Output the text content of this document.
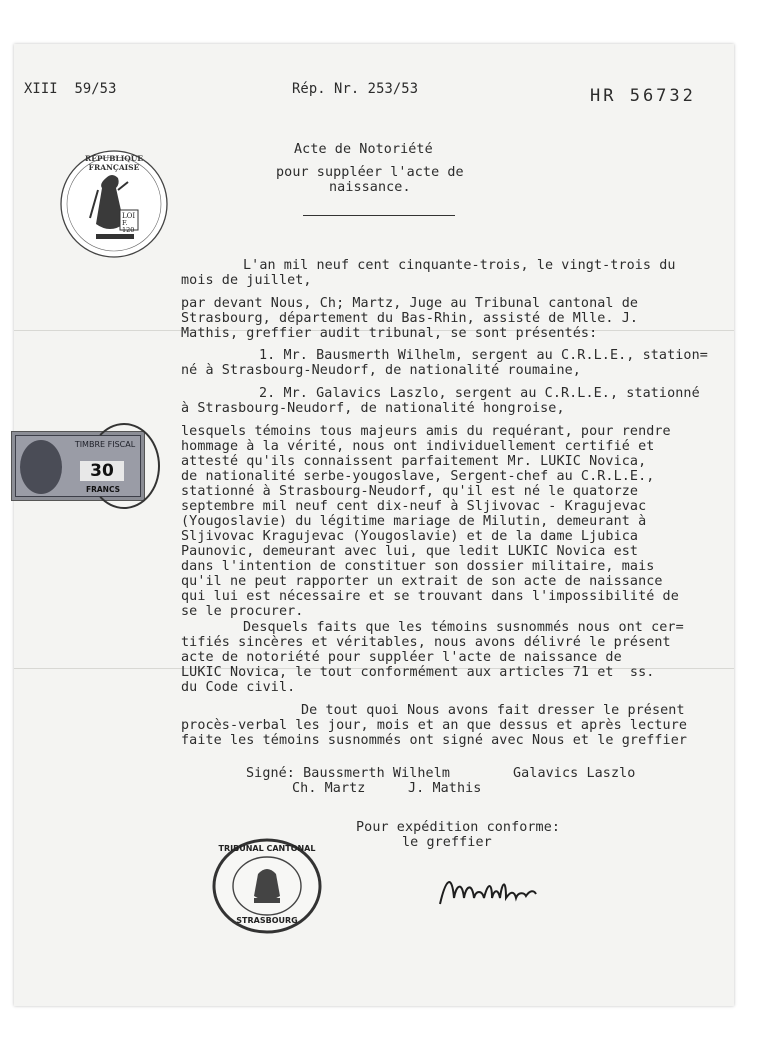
XIII  59/53	Rép. Nr. 253/53	HR 56732
Acte de Notoriété
pour suppléer l'acte de
naissance.
RÉPUBLIQUE FRANÇAISE
LOI
F. 120
TIMBRE FISCAL
30
FRANCS
L'an mil neuf cent cinquante-trois, le vingt-trois du
mois de juillet,
par devant Nous, Ch; Martz, Juge au Tribunal cantonal de
Strasbourg, département du Bas-Rhin, assisté de Mlle. J.
Mathis, greffier audit tribunal, se sont présentés:
1. Mr. Bausmerth Wilhelm, sergent au C.R.L.E., station=
né à Strasbourg-Neudorf, de nationalité roumaine,
2. Mr. Galavics Laszlo, sergent au C.R.L.E., stationné
à Strasbourg-Neudorf, de nationalité hongroise,
lesquels témoins tous majeurs amis du requérant, pour rendre
hommage à la vérité, nous ont individuellement certifié et
attesté qu'ils connaissent parfaitement Mr. LUKIC Novica,
de nationalité serbe-yougoslave, Sergent-chef au C.R.L.E.,
stationné à Strasbourg-Neudorf, qu'il est né le quatorze
septembre mil neuf cent dix-neuf à Sljivovac - Kragujevac
(Yougoslavie) du légitime mariage de Milutin, demeurant à
Sljivovac Kragujevac (Yougoslavie) et de la dame Ljubica
Paunovic, demeurant avec lui, que ledit LUKIC Novica est
dans l'intention de constituer son dossier militaire, mais
qu'il ne peut rapporter un extrait de son acte de naissance
qui lui est nécessaire et se trouvant dans l'impossibilité de
se le procurer.
Desquels faits que les témoins susnommés nous ont cer=
tifiés sincères et véritables, nous avons délivré le présent
acte de notoriété pour suppléer l'acte de naissance de
LUKIC Novica, le tout conformément aux articles 71 et  ss.
du Code civil.
De tout quoi Nous avons fait dresser le présent
procès-verbal les jour, mois et an que dessus et après lecture
faite les témoins susnommés ont signé avec Nous et le greffier
Signé: Baussmerth Wilhelm	Galavics Laszlo
Ch. Martz	J. Mathis
Pour expédition conforme:
le greffier
TRIBUNAL CANTONAL
STRASBOURG
